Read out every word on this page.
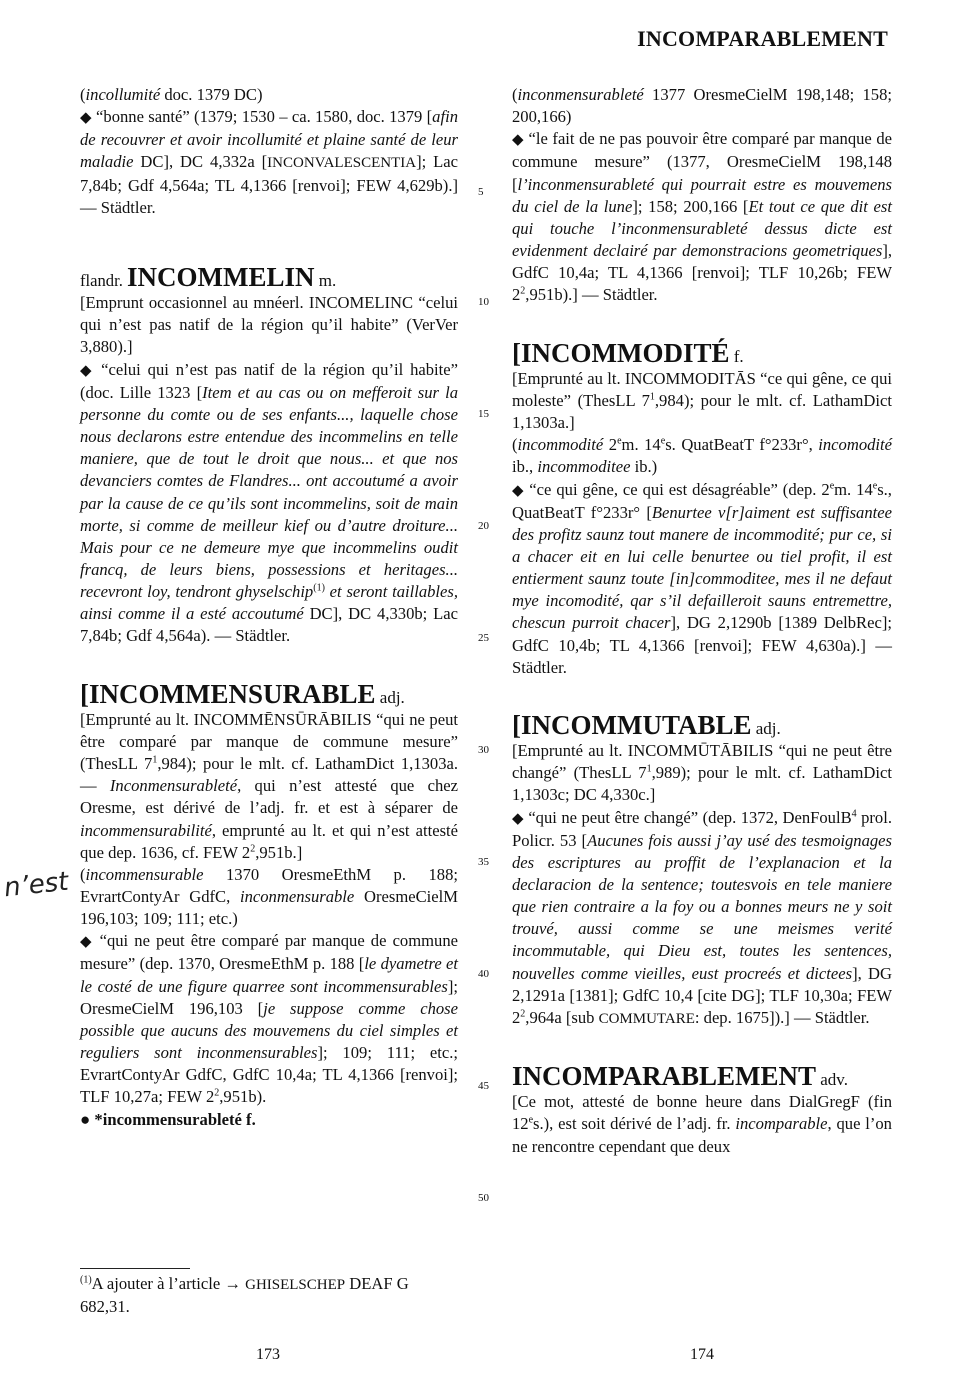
INCOMPARABLEMENT

(incollumité doc. 1379 DC)

◆ “bonne santé” (1379; 1530 – ca. 1580, doc. 1379 [afin de recouvrer et avoir incollumité et plaine santé de leur maladie DC], DC 4,332a [INCONVALESCENTIA]; Lac 7,84b; Gdf 4,564a; TL 4,1366 [renvoi]; FEW 4,629b).] — Städtler.

flandr. INCOMMELIN m.

[Emprunt occasionnel au mnéerl. INCOMELINC “celui qui n’est pas natif de la région qu’il habite” (VerVer 3,880).]

◆ “celui qui n’est pas natif de la région qu’il habite” (doc. Lille 1323 [Item et au cas ou on mefferoit sur la personne du comte ou de ses enfants..., laquelle chose nous declarons estre entendue des incommelins en telle maniere, que de tout le droit que nous... et que nos devanciers comtes de Flandres... ont accoutumé a avoir par la cause de ce qu’ils sont incommelins, soit de main morte, si comme de meilleur kief ou d’autre droiture... Mais pour ce ne demeure mye que incommelins oudit francq, de leurs biens, possessions et heritages... recevront loy, tendront ghyselschip$^{(1)}$ et seront taillables, ainsi comme il a esté accoutumé DC], DC 4,330b; Lac 7,84b; Gdf 4,564a). — Städtler.

[INCOMMENSURABLE adj.

[Emprunté au lt. INCOMMĒNSŪRĀBILIS “qui ne peut être comparé par manque de commune mesure” (ThesLL $7^1,984$); pour le mlt. cf. LathamDict 1,1303a. — Inconmensurableté, qui n’est attesté que chez Oresme, est dérivé de l’adj. fr. et est à séparer de incommensurabilité, emprunté au lt. et qui n’est attesté que dep. 1636, cf. FEW $2^2,951b$.]

(incommensurable 1370 OresmeEthM p. 188; EvrartContyAr GdfC, inconmensurable OresmeCielM 196,103; 109; 111; etc.)

◆ “qui ne peut être comparé par manque de commune mesure” (dep. 1370, OresmeEthM p. 188 [le dyametre et le costé de une figure quarree sont incommensurables]; OresmeCielM 196,103 [je suppose comme chose possible que aucuns des mouvemens du ciel simples et reguliers sont inconmensurables]; 109; 111; etc.; EvrartContyAr GdfC, GdfC 10,4a; TL 4,1366 [renvoi]; TLF 10,27a; FEW $2^2,951b$).

● *incommensurableté f.

$^{(1)}$A ajouter à l’article → GHISELSCHEP DEAF G 682,31.
n’est

(inconmensurableté 1377 OresmeCielM 198,148; 158; 200,166)

◆ “le fait de ne pas pouvoir être comparé par manque de commune mesure” (1377, OresmeCielM 198,148 [l’inconmensurableté qui pourrait estre es mouvemens du ciel de la lune]; 158; 200,166 [Et tout ce que dit est qui touche l’inconmensurableté dessus dicte est evidenment declairé par demonstracions geometriques], GdfC 10,4a; TL 4,1366 [renvoi]; TLF 10,26b; FEW $2^2,951b$).] — Städtler.

[INCOMMODITÉ f.

[Emprunté au lt. INCOMMODITĀS “ce qui gêne, ce qui moleste” (ThesLL $7^1,984$); pour le mlt. cf. LathamDict 1,1303a.]

(incommodité 2em. 14es. QuatBeatT f°233r°, incomodité ib., incommoditee ib.)

◆ “ce qui gêne, ce qui est désagréable” (dep. 2em. 14es., QuatBeatT f°233r° [Benurtee v[r]aiment est suffisantee des profitz saunz tout manere de incommodité; pur ce, si a chacer eit en lui celle benurtee ou tiel profit, il est entierment saunz toute [in]commoditee, mes il ne defaut mye incomodité, qar s’il defailleroit sauns entremettre, chescun purroit chacer], DG 2,1290b [1389 DelbRec]; GdfC 10,4b; TL 4,1366 [renvoi]; FEW 4,630a).] — Städtler.

[INCOMMUTABLE adj.

[Emprunté au lt. INCOMMŪTĀBILIS “qui ne peut être changé” (ThesLL $7^1,989$); pour le mlt. cf. LathamDict 1,1303c; DC 4,330c.]

◆ “qui ne peut être changé” (dep. 1372, DenFoulB$^4$ prol. Policr. 53 [Aucunes fois aussi j’ay usé des tesmoignages des escriptures au proffit de l’explanacion et la declaracion de la sentence; toutesvois en tele maniere que rien contraire a la foy ou a bonnes meurs ne y soit trouvé, aussi comme se une meismes verité incommutable, qui Dieu est, toutes les sentences, nouvelles comme vieilles, eust procreés et dictees], DG 2,1291a [1381]; GdfC 10,4 [cite DG]; TLF 10,30a; FEW $2^2,964a$ [sub COMMUTARE: dep. 1675]).] — Städtler.

INCOMPARABLEMENT adv.

[Ce mot, attesté de bonne heure dans DialGregF (fin 12es.), est soit dérivé de l’adj. fr. incomparable, que l’on ne rencontre cependant que deux

5
10
15
20
25
30
35
40
45
50
173	174
